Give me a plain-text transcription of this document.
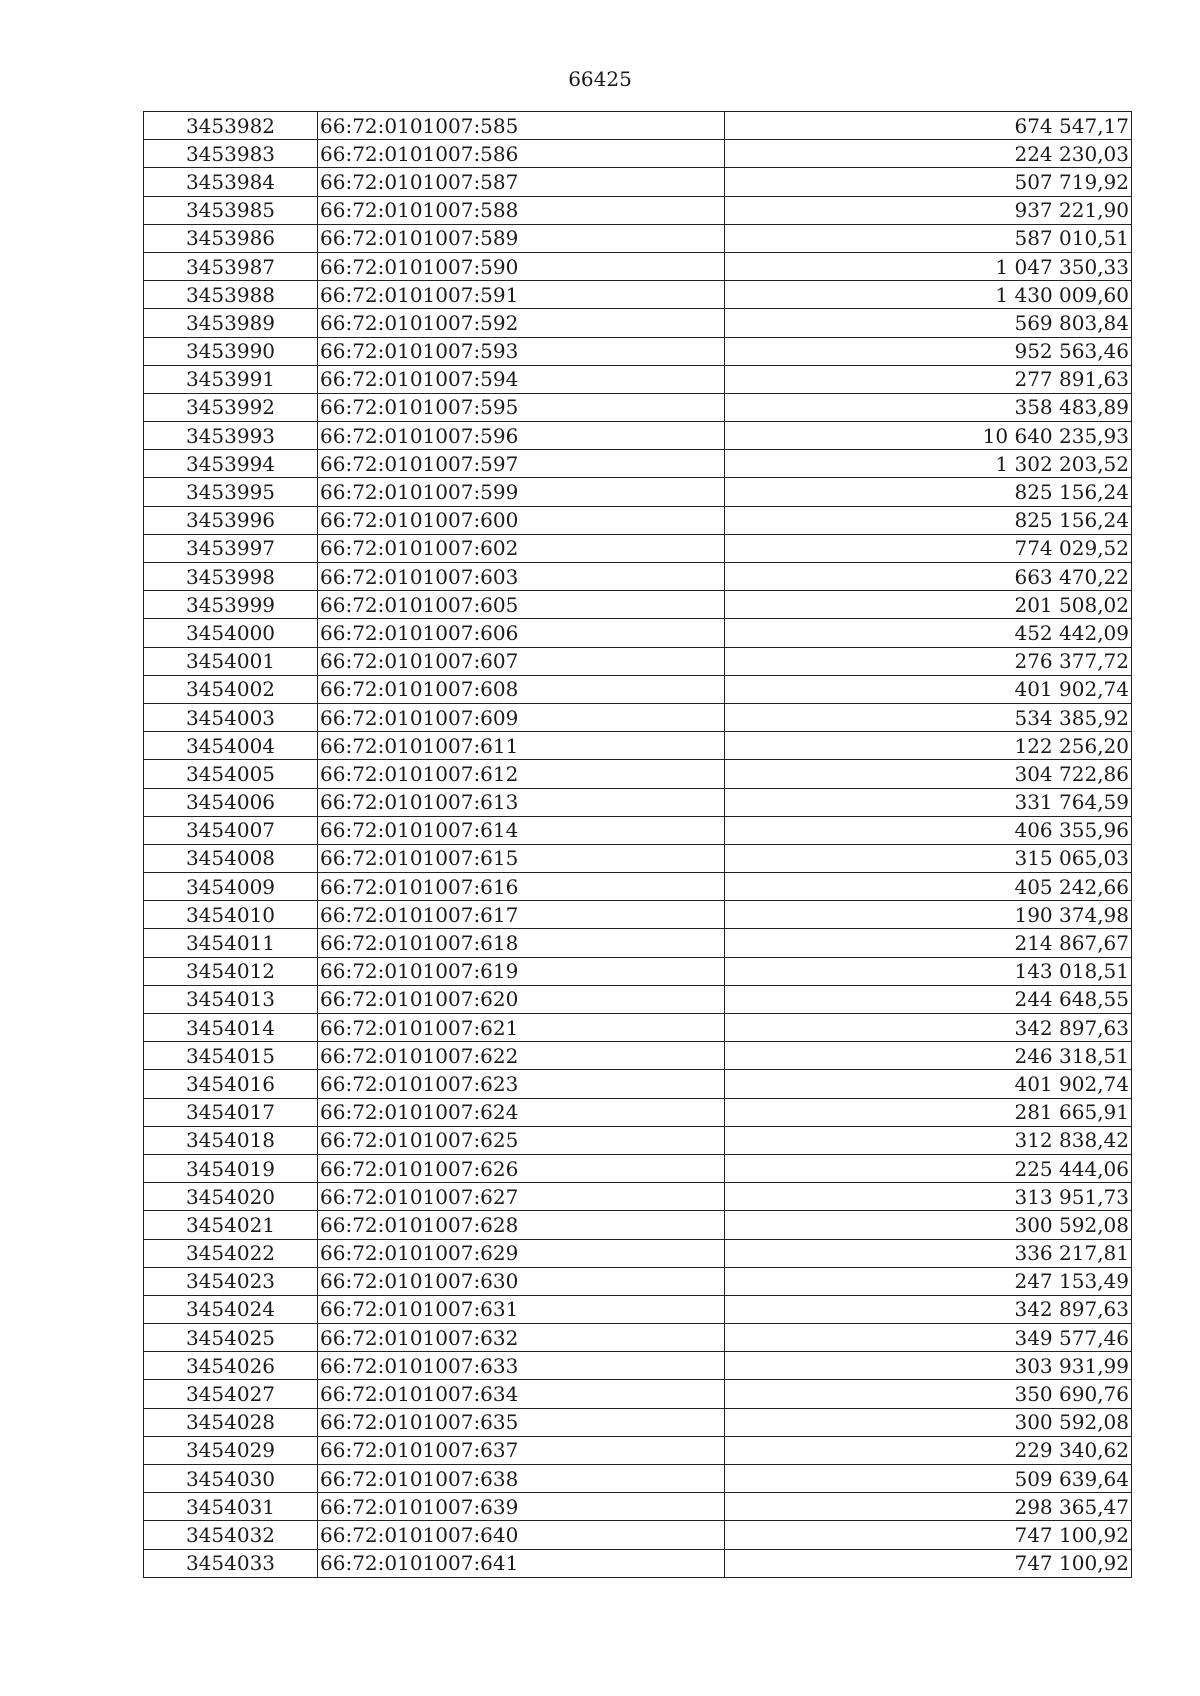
66425
3453982	66:72:0101007:585	674 547,17
3453983	66:72:0101007:586	224 230,03
3453984	66:72:0101007:587	507 719,92
3453985	66:72:0101007:588	937 221,90
3453986	66:72:0101007:589	587 010,51
3453987	66:72:0101007:590	1 047 350,33
3453988	66:72:0101007:591	1 430 009,60
3453989	66:72:0101007:592	569 803,84
3453990	66:72:0101007:593	952 563,46
3453991	66:72:0101007:594	277 891,63
3453992	66:72:0101007:595	358 483,89
3453993	66:72:0101007:596	10 640 235,93
3453994	66:72:0101007:597	1 302 203,52
3453995	66:72:0101007:599	825 156,24
3453996	66:72:0101007:600	825 156,24
3453997	66:72:0101007:602	774 029,52
3453998	66:72:0101007:603	663 470,22
3453999	66:72:0101007:605	201 508,02
3454000	66:72:0101007:606	452 442,09
3454001	66:72:0101007:607	276 377,72
3454002	66:72:0101007:608	401 902,74
3454003	66:72:0101007:609	534 385,92
3454004	66:72:0101007:611	122 256,20
3454005	66:72:0101007:612	304 722,86
3454006	66:72:0101007:613	331 764,59
3454007	66:72:0101007:614	406 355,96
3454008	66:72:0101007:615	315 065,03
3454009	66:72:0101007:616	405 242,66
3454010	66:72:0101007:617	190 374,98
3454011	66:72:0101007:618	214 867,67
3454012	66:72:0101007:619	143 018,51
3454013	66:72:0101007:620	244 648,55
3454014	66:72:0101007:621	342 897,63
3454015	66:72:0101007:622	246 318,51
3454016	66:72:0101007:623	401 902,74
3454017	66:72:0101007:624	281 665,91
3454018	66:72:0101007:625	312 838,42
3454019	66:72:0101007:626	225 444,06
3454020	66:72:0101007:627	313 951,73
3454021	66:72:0101007:628	300 592,08
3454022	66:72:0101007:629	336 217,81
3454023	66:72:0101007:630	247 153,49
3454024	66:72:0101007:631	342 897,63
3454025	66:72:0101007:632	349 577,46
3454026	66:72:0101007:633	303 931,99
3454027	66:72:0101007:634	350 690,76
3454028	66:72:0101007:635	300 592,08
3454029	66:72:0101007:637	229 340,62
3454030	66:72:0101007:638	509 639,64
3454031	66:72:0101007:639	298 365,47
3454032	66:72:0101007:640	747 100,92
3454033	66:72:0101007:641	747 100,92
